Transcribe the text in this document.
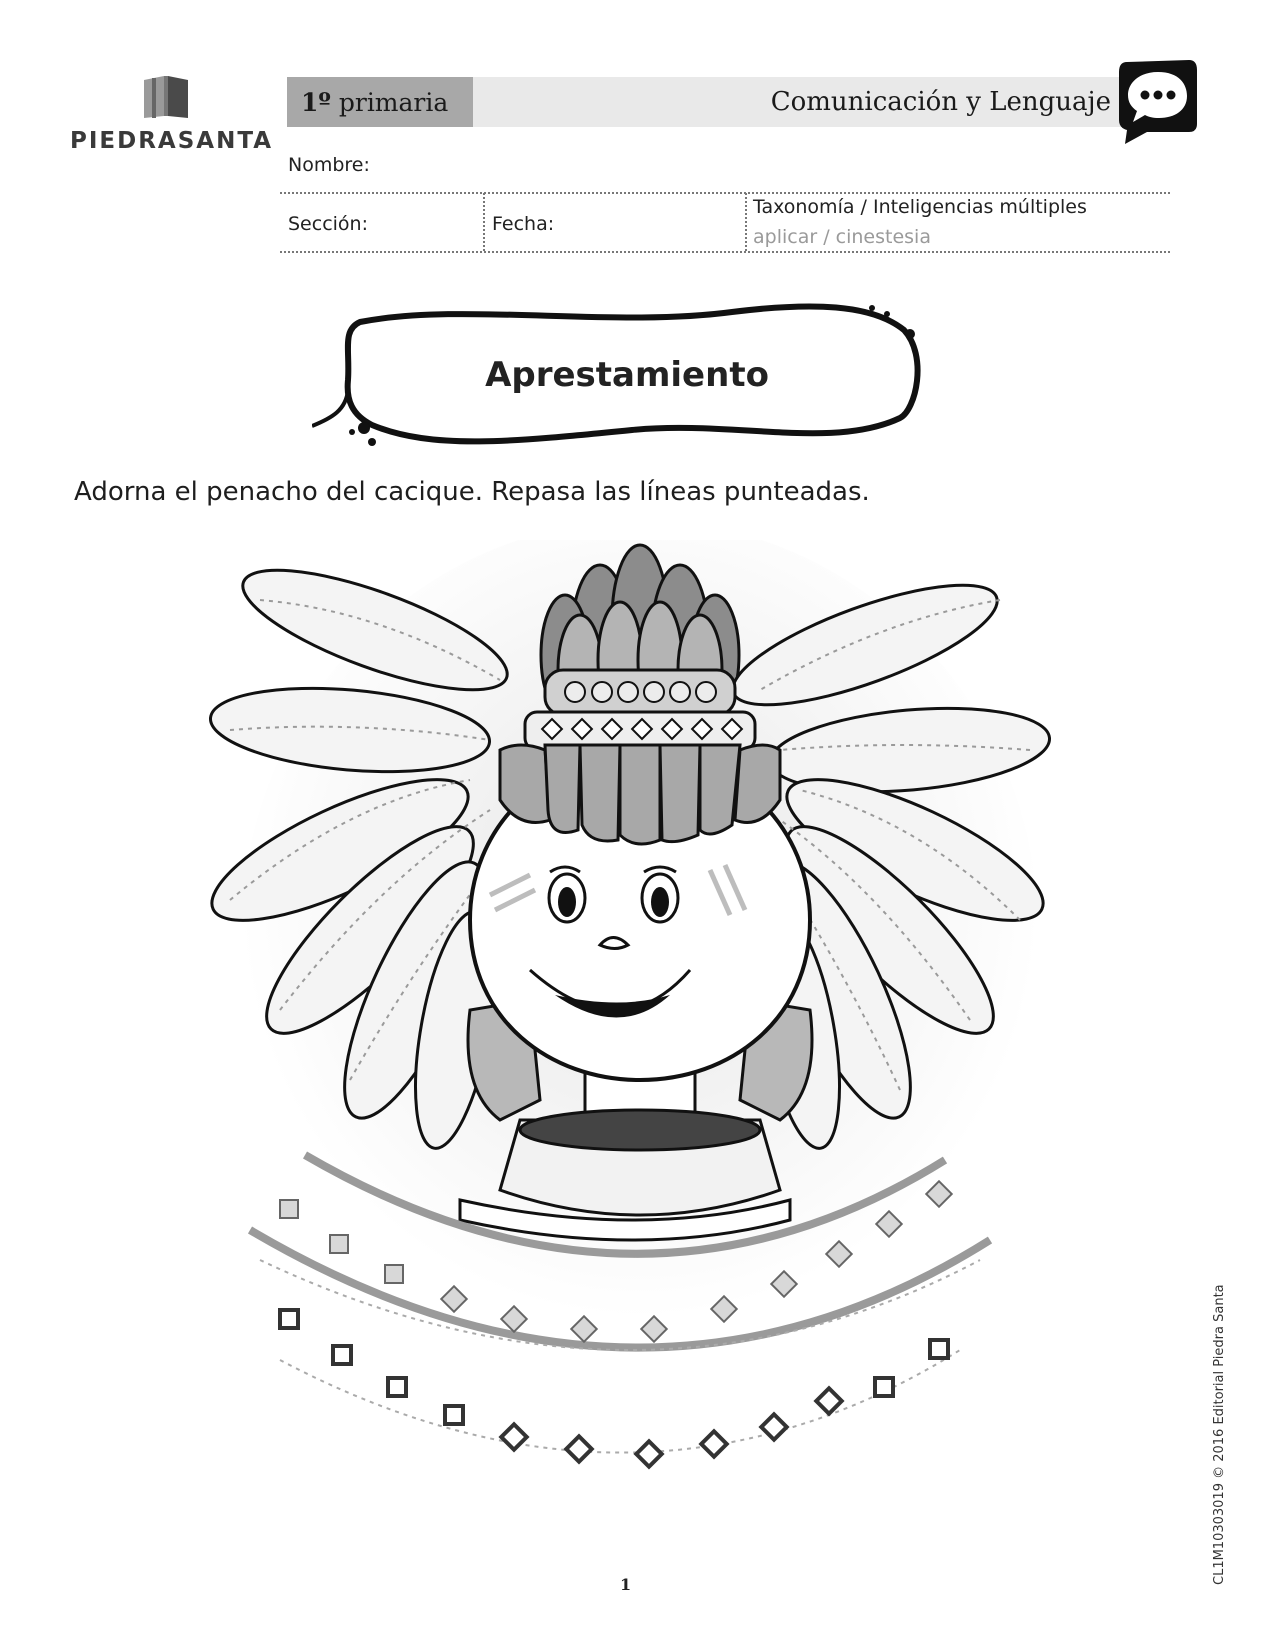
PIEDRASANTA
1º primaria	Comunicación y Lenguaje
Nombre:
Sección:	Fecha:
Taxonomía / Inteligencias múltiples
aplicar / cinestesia
Aprestamiento
Adorna el penacho del cacique. Repasa las líneas punteadas.
1	CL1M10303019 © 2016 Editorial Piedra Santa
